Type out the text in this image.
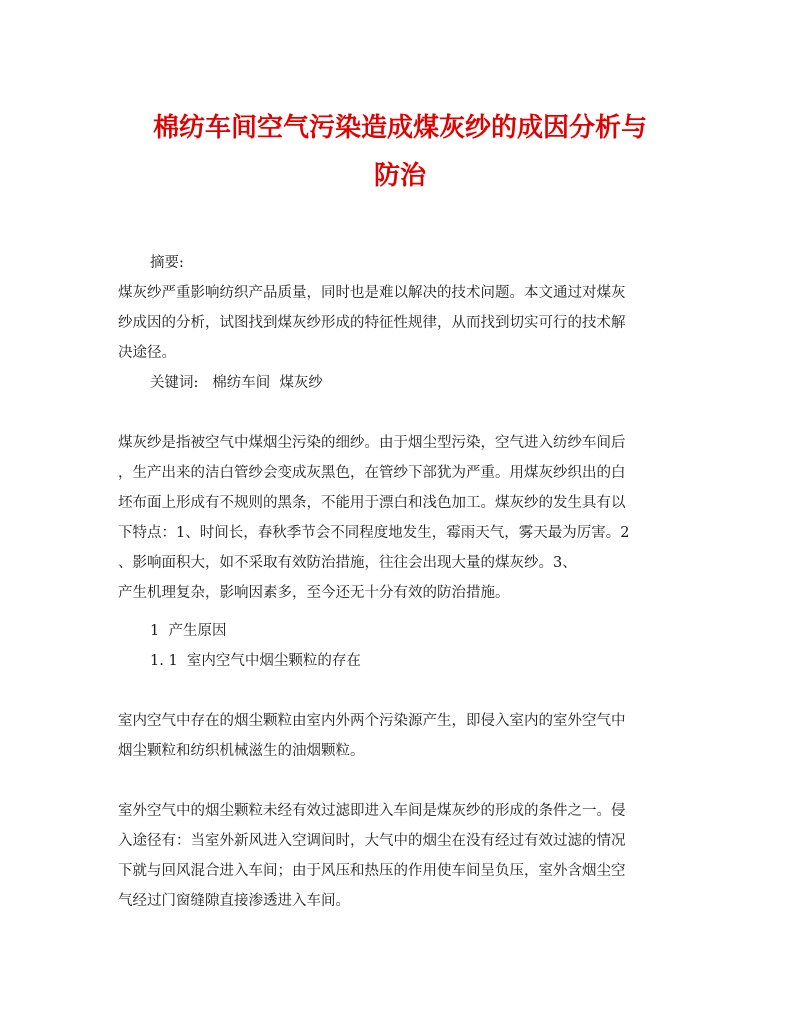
棉纺车间空气污染造成煤灰纱的成因分析与
防治

摘要:

煤灰纱严重影响纺织产品质量，同时也是难以解决的技术问题。本文通过对煤灰
纱成因的分析，试图找到煤灰纱形成的特征性规律，从而找到切实可行的技术解
决途径。

关键词:   棉纺车间  煤灰纱

煤灰纱是指被空气中煤烟尘污染的细纱。由于烟尘型污染，空气进入纺纱车间后
，生产出来的洁白管纱会变成灰黑色，在管纱下部犹为严重。用煤灰纱织出的白
坯布面上形成有不规则的黑条，不能用于漂白和浅色加工。煤灰纱的发生具有以
下特点：1、时间长，春秋季节会不同程度地发生，霉雨天气，雾天最为厉害。2
、影响面积大，如不采取有效防治措施，往往会出现大量的煤灰纱。3、
产生机理复杂，影响因素多，至今还无十分有效的防治措施。

1  产生原因

1. 1  室内空气中烟尘颗粒的存在

室内空气中存在的烟尘颗粒由室内外两个污染源产生，即侵入室内的室外空气中
烟尘颗粒和纺织机械滋生的油烟颗粒。

室外空气中的烟尘颗粒未经有效过滤即进入车间是煤灰纱的形成的条件之一。侵
入途径有：当室外新风进入空调间时，大气中的烟尘在没有经过有效过滤的情况
下就与回风混合进入车间；由于风压和热压的作用使车间呈负压，室外含烟尘空
气经过门窗缝隙直接渗透进入车间。
